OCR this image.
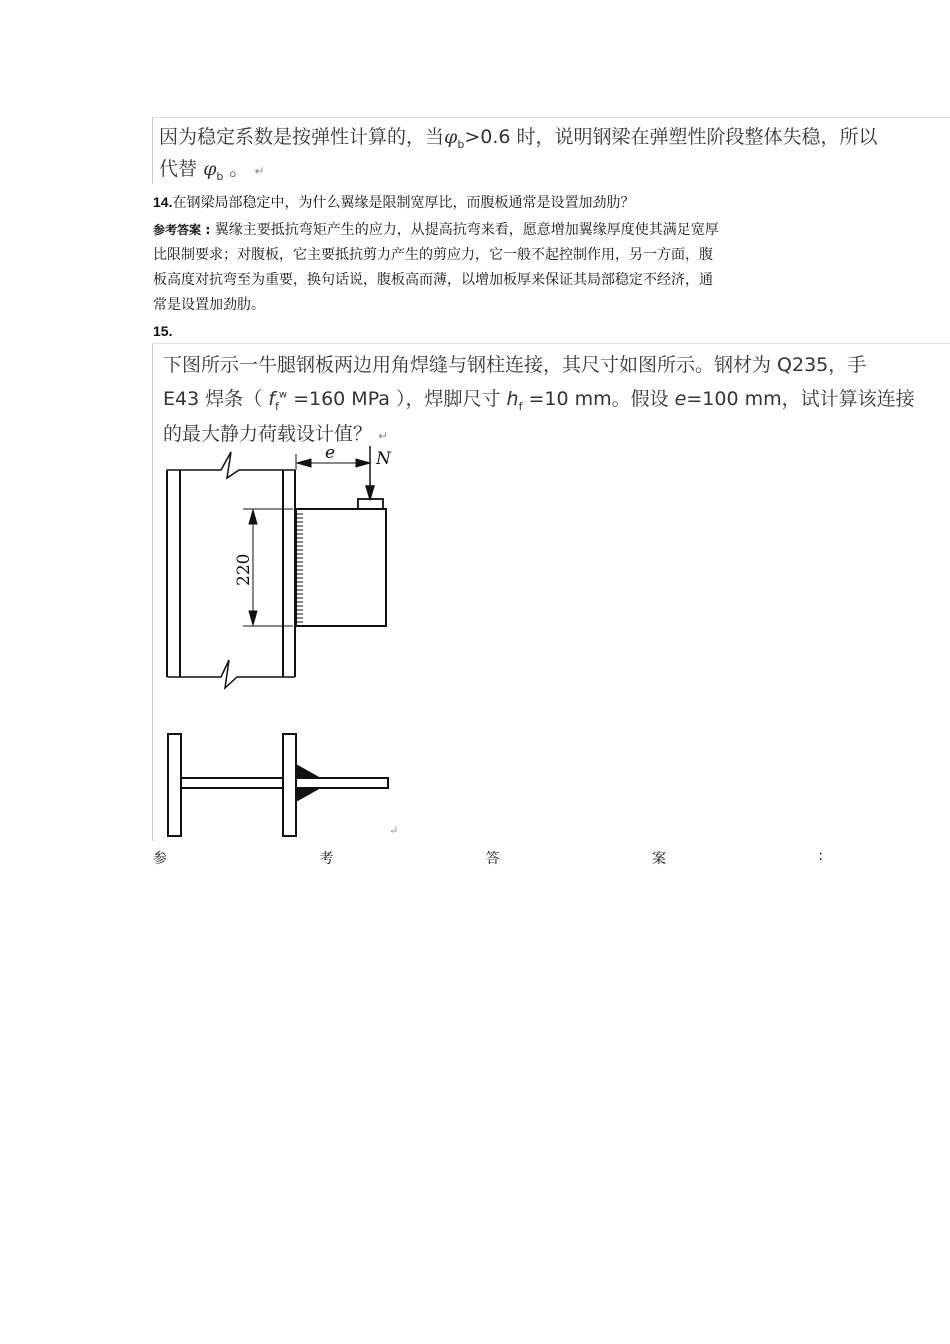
因为稳定系数是按弹性计算的，当$\varphi_b>0.6$ 时，说明钢梁在弹塑性阶段整体失稳，所以
代替 $\varphi_b$ 。 ↵
14.在钢梁局部稳定中，为什么翼缘是限制宽厚比，而腹板通常是设置加劲肋？
参考答案 : 翼缘主要抵抗弯矩产生的应力，从提高抗弯来看，愿意增加翼缘厚度使其满足宽厚
比限制要求；对腹板，它主要抵抗剪力产生的剪应力，它一般不起控制作用，另一方面，腹
板高度对抗弯至为重要，换句话说，腹板高而薄，以增加板厚来保证其局部稳定不经济，通
常是设置加劲肋。
15.
下图所示一牛腿钢板两边用角焊缝与钢柱连接，其尺寸如图所示。钢材为 Q235，手
E43 焊条（ $f_f^w =160$ MPa ），焊脚尺寸 $h_f =10$ mm。假设 e=100 mm，试计算该连接
的最大静力荷载设计值？ ↵
220
e N
↵
参	考	答	案	:
